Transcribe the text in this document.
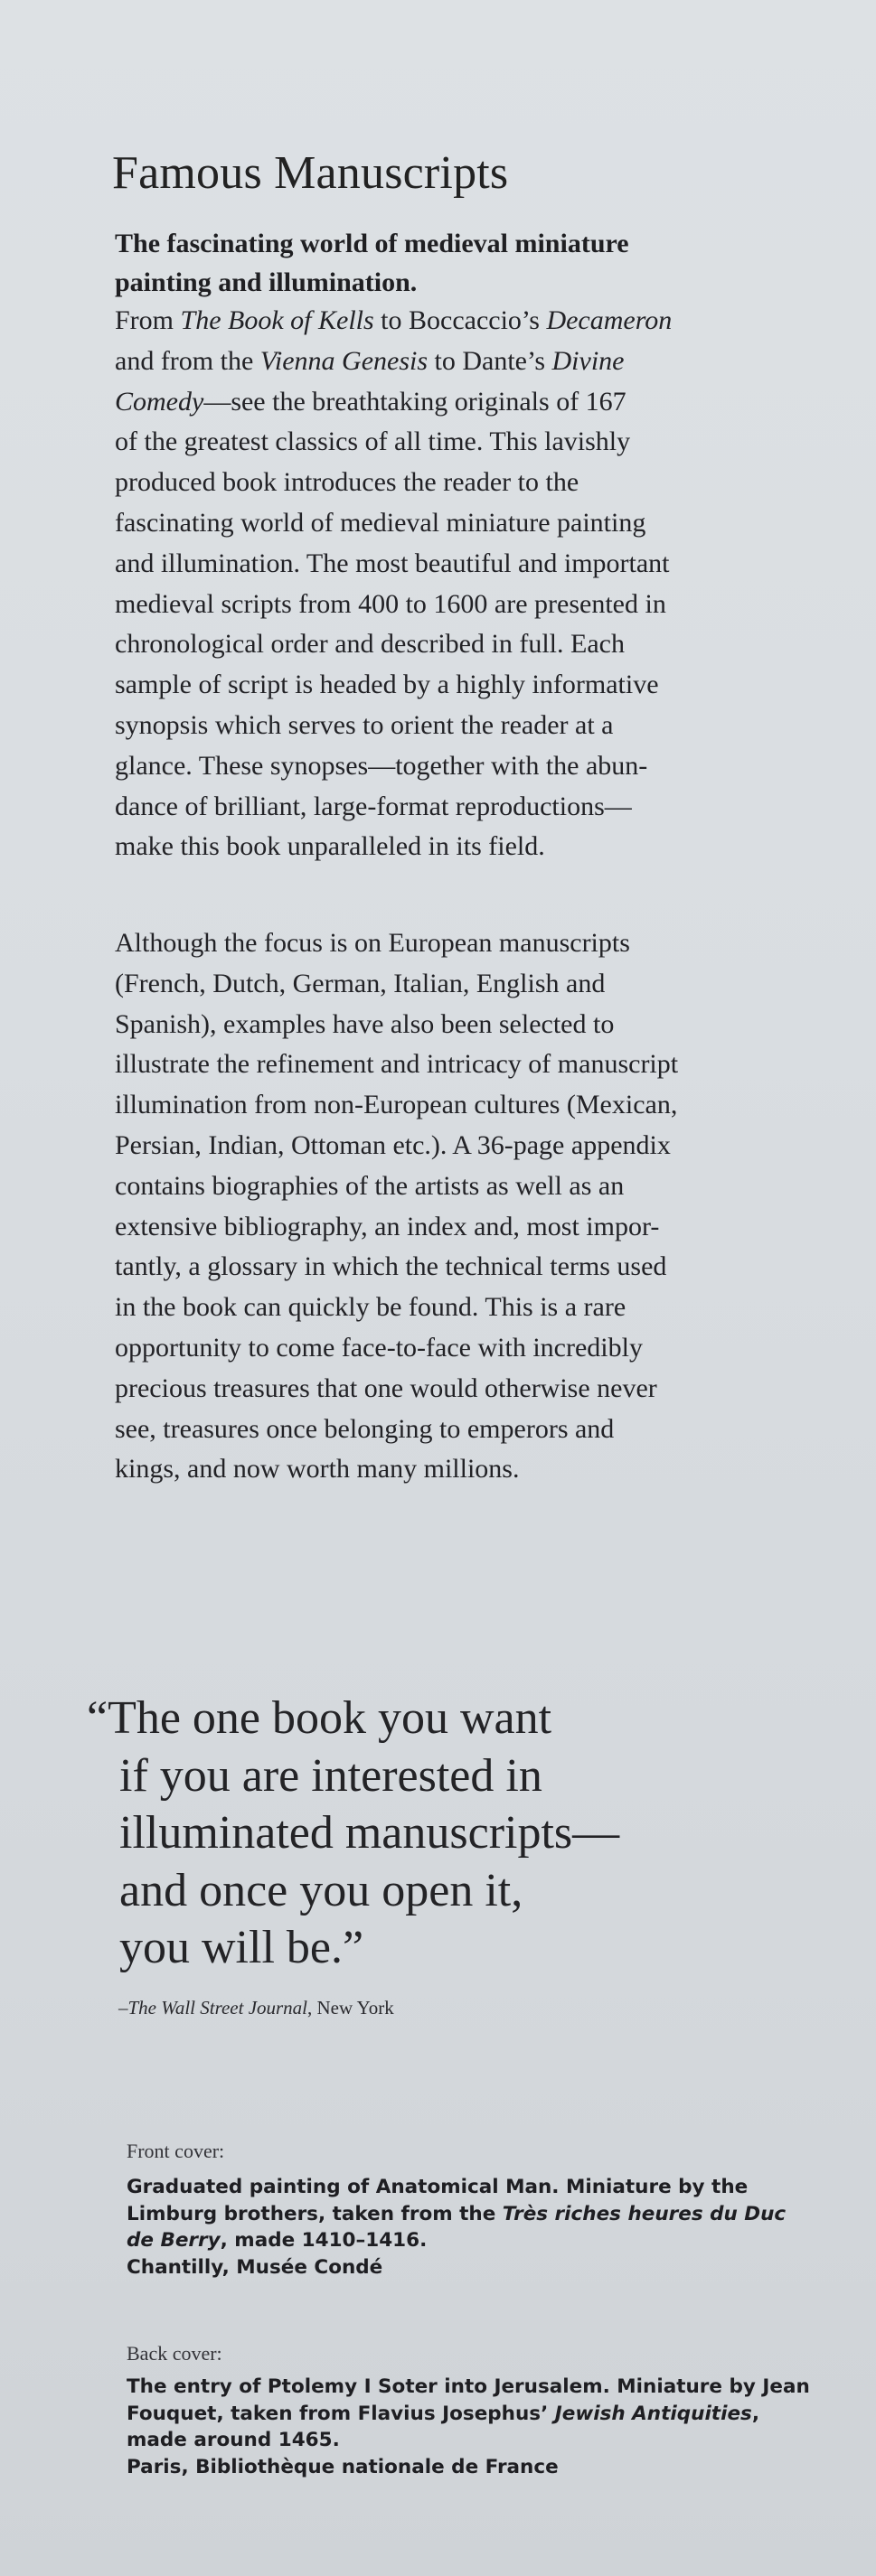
Famous Manuscripts
The fascinating world of medieval miniature
painting and illumination.
From The Book of Kells to Boccaccio’s Decameron
and from the Vienna Genesis to Dante’s Divine
Comedy—see the breathtaking originals of 167
of the greatest classics of all time. This lavishly
produced book introduces the reader to the
fascinating world of medieval miniature painting
and illumination. The most beautiful and important
medieval scripts from 400 to 1600 are presented in
chronological order and described in full. Each
sample of script is headed by a highly informative
synopsis which serves to orient the reader at a
glance. These synopses—together with the abun-
dance of brilliant, large-format reproductions—
make this book unparalleled in its field.
Although the focus is on European manuscripts
(French, Dutch, German, Italian, English and
Spanish), examples have also been selected to
illustrate the refinement and intricacy of manuscript
illumination from non-European cultures (Mexican,
Persian, Indian, Ottoman etc.). A 36-page appendix
contains biographies of the artists as well as an
extensive bibliography, an index and, most impor-
tantly, a glossary in which the technical terms used
in the book can quickly be found. This is a rare
opportunity to come face-to-face with incredibly
precious treasures that one would otherwise never
see, treasures once belonging to emperors and
kings, and now worth many millions.
“The one book you want
if you are interested in
illuminated manuscripts—
and once you open it,
you will be.”
–The Wall Street Journal, New York
Front cover:
Graduated painting of Anatomical Man. Miniature by the
Limburg brothers, taken from the Très riches heures du Duc
de Berry, made 1410–1416.
Chantilly, Musée Condé
Back cover:
The entry of Ptolemy I Soter into Jerusalem. Miniature by Jean
Fouquet, taken from Flavius Josephus’ Jewish Antiquities,
made around 1465.
Paris, Bibliothèque nationale de France
